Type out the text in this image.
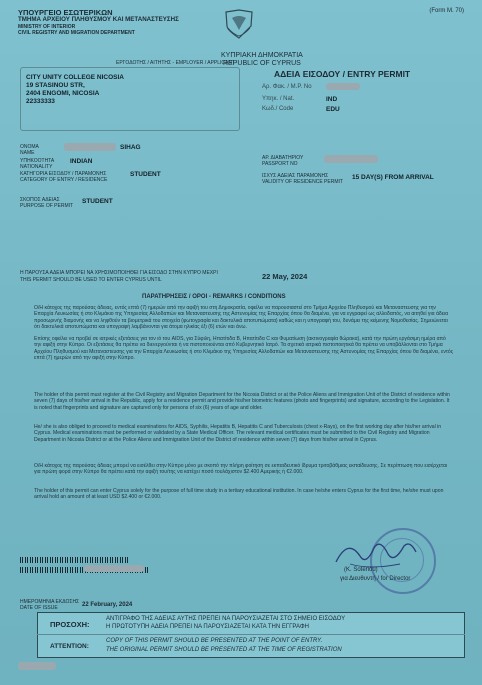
(Form M. 70)
ΥΠΟΥΡΓΕΙΟ ΕΣΩΤΕΡΙΚΩΝ
ΤΜΗΜΑ ΑΡΧΕΙΟΥ ΠΛΗΘΥΣΜΟΥ ΚΑΙ ΜΕΤΑΝΑΣΤΕΥΣΗΣ
MINISTRY OF INTERIOR
CIVIL REGISTRY AND MIGRATION DEPARTMENT
ΕΡΓΟΔΟΤΗΣ / ΑΙΤΗΤΗΣ - EMPLOYER / APPLICANT
ΚΥΠΡΙΑΚΗ ΔΗΜΟΚΡΑΤΙΑ
REPUBLIC OF CYPRUS
ΑΔΕΙΑ ΕΙΣΟΔΟΥ / ENTRY PERMIT
CITY UNITY COLLEGE NICOSIA
19 STASINOU STR,
2404 ENGOMI, NICOSIA
22333333
Αρ. Φακ. / M.P. No
Υπηκ. / Nat.	IND
Κωδ./ Code	EDU
ΟΝΟΜΑ
NAME
SIHAG
ΥΠΗΚΟΟΤΗΤΑ
NATIONALITY
INDIAN	ΑΡ. ΔΙΑΒΑΤΗΡΙΟΥ
PASSPORT NO
ΚΑΤΗΓΟΡΙΑ ΕΙΣΟΔΟΥ / ΠΑΡΑΜΟΝΗΣ
CATEGORY OF ENTRY / RESIDENCE
STUDENT	ΙΣΧΥΣ ΑΔΕΙΑΣ ΠΑΡΑΜΟΝΗΣ
VALIDITY OF RESIDENCE PERMIT
15 DAY(S) FROM ARRIVAL
ΣΚΟΠΟΣ ΑΔΕΙΑΣ
PURPOSE OF PERMIT
STUDENT
Η ΠΑΡΟΥΣΑ ΑΔΕΙΑ ΜΠΟΡΕΙ ΝΑ ΧΡΗΣΙΜΟΠΟΙΗΘΕΙ ΓΙΑ ΕΙΣΟΔΟ ΣΤΗΝ ΚΥΠΡΟ ΜΕΧΡΙ
THIS PERMIT SHOULD BE USED TO ENTER CYPRUS UNTIL	22 May, 2024
ΠΑΡΑΤΗΡΗΣΕΙΣ / ΟΡΟΙ - REMARKS / CONDITIONS
Ο/Η κάτοχος της παρούσας άδειας, εντός επτά (7) ημερών από την αφιξή του στη Δημοκρατία, οφείλει να παρουσιαστεί στο Τμήμα Αρχείου Πληθυσμού και Μεταναστευσης για την Επαρχία Λευκωσίας ή στο Κλιμάκιο της Υπηρεσίας Αλλοδαπών και Μεταναστευσης της Αστυνομίας της Επαρχίας όπου θα διαμένει, για να εγγραφεί ως αλλοδαπός, να αιτηθεί για άδεια προσωρινής διαμονής και να ληφθούν τα βιομετρικά του στοιχεία (φωτογραφία και δακτυλικά αποτυπώματα) καθώς και η υπογραφή του, δυνάμει της κείμενης Νομοθεσίας. Σημειώνεται ότι δακτυλικά αποτυπώματα και υπογραφή λαμβάνονται για άτομα ηλικίας έξι (6) ετών και άνω.
Επίσης οφείλει να προβεί σε ιατρικές εξετάσεις για τον ιό του AIDS, για Σύφιλη, Ηπατίτιδα Β, Ηπατίτιδα C και Φυματίωση (ακτινογραφία θώρακα), κατά την πρώτη εργάσιμη ημέρα από την αφιξή στην Κύπρο. Οι εξετάσεις θα πρέπει να διενεργούνται ή να πιστοποιούνται από Κυβερνητικό Ιατρό. Τα σχετικά ιατρικά πιστοποιητικά θα πρέπει να υποβάλλονται στο Τμήμα Αρχείου Πληθυσμού και Μεταναστευσης για την Επαρχία Λευκωσίας ή στο Κλιμάκιο της Υπηρεσίας Αλλοδαπών και Μεταναστευσης της Αστυνομίας της Επαρχίας όπου θα διαμένει, εντός επτά (7) ημερών από την αφιξή στην Κύπρο.
The holder of this permit must register at the Civil Registry and Migration Department for the Nicosia District or at the Police Aliens and Immigration Unit of the District of residence within seven (7) days of his/her arrival in the Republic, apply for a residence permit and provide his/her biometric features (photo and fingerprints) and signature, according to the Legislation. It is noted that fingerprints and signature are captured only for persons of six (6) years of age and older.
He/ she is also obliged to proceed to medical examinations for AIDS, Syphilis, Hepatitis B, Hepatitis C and Tuberculosis (chest x-Rays), on the first working day after his/her arrival in Cyprus. Medical examinations must be performed or validated by a State Medical Officer. The relevant medical certificates must be submitted to the Civil Registry and Migration Department in Nicosia District or at the Police Aliens and Immigration Unit of the District of residence within seven (7) days from his/her arrival in Cyprus.
Ο/Η κάτοχος της παρούσας άδειας μπορεί να εισέλθει στην Κύπρο μόνο με σκοπό την πλήρη φοίτηση σε εκπαιδευτικό ίδρυμα τριτοβάθμιας εκπαίδευσης. Σε περίπτωση που εισέρχεται για πρώτη φορά στην Κύπρο θα πρέπει κατά την αφιξή του/της να κατέχει ποσό τουλάχιστον $2.400 Αμερικής ή €2.000.
The holder of this permit can enter Cyprus solely for the purpose of full time study in a tertiary educational institution. In case he/she enters Cyprus for the first time, he/she must upon arrival hold an amount of at least USD $2.400 or €2.000.
(K. Soteriou)
για Διευθυντή / for Director
ΗΜΕΡΟΜΗΝΙΑ ΕΚΔΟΣΗΣ
DATE OF ISSUE	22 February, 2024
ΠΡΟΣΟΧΗ:
ΑΝΤΙΓΡΑΦΟ ΤΗΣ ΑΔΕΙΑΣ ΑΥΤΗΣ ΠΡΕΠΕΙ ΝΑ ΠΑΡΟΥΣΙΑΖΕΤΑΙ ΣΤΟ ΣΗΜΕΙΟ ΕΙΣΟΔΟΥ
Η ΠΡΩΤΟΤΥΠΗ ΑΔΕΙΑ ΠΡΕΠΕΙ ΝΑ ΠΑΡΟΥΣΙΑΖΕΤΑΙ ΚΑΤΑ ΤΗΝ ΕΓΓΡΑΦΗ
ATTENTION:
COPY OF THIS PERMIT SHOULD BE PRESENTED AT THE POINT OF ENTRY.
THE ORIGINAL PERMIT SHOULD BE PRESENTED AT THE TIME OF REGISTRATION
